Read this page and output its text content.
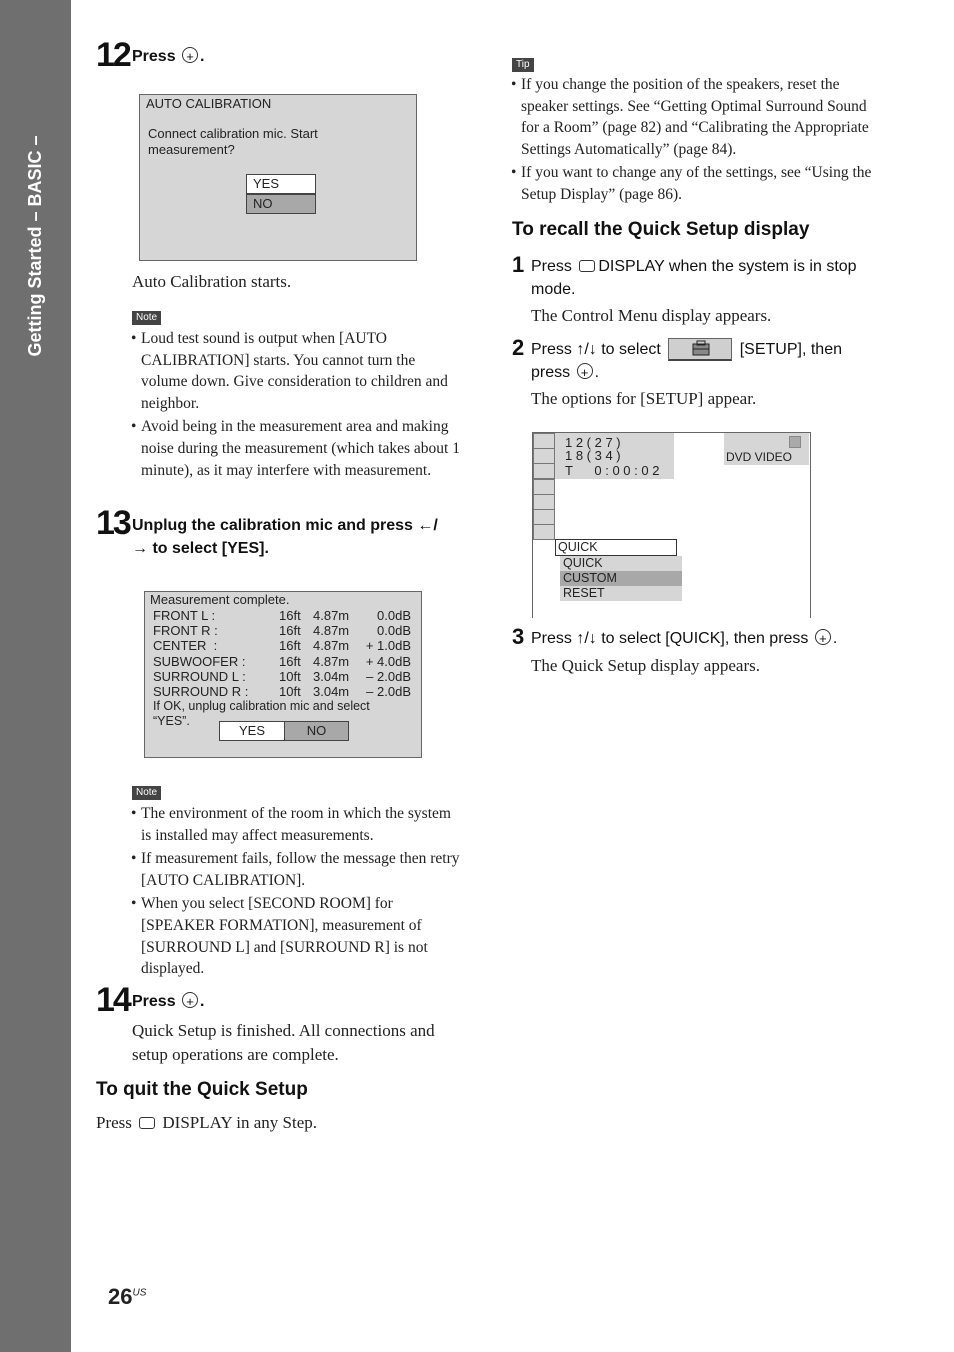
Getting Started – BASIC –
12 Press + .
AUTO CALIBRATION
Connect calibration mic. Start
measurement?
YES
NO
Auto Calibration starts.
Note
• Loud test sound is output when [AUTO CALIBRATION] starts. You cannot turn the volume down. Give consideration to children and neighbor.
• Avoid being in the measurement area and making noise during the measurement (which takes about 1 minute), as it may interfere with measurement.
13 Unplug the calibration mic and press ←/
→ to select [YES].
Measurement complete.
FRONT L :	16ft 4.87m	0.0dB
FRONT R :	16ft 4.87m	0.0dB
CENTER  :	16ft 4.87m	+ 1.0dB
SUBWOOFER :	16ft 4.87m	+ 4.0dB
SURROUND L :	10ft 3.04m	– 2.0dB
SURROUND R : 10ft 3.04m	– 2.0dB
If OK, unplug calibration mic and select
“YES”.
YES	NO
Note
• The environment of the room in which the system is installed may affect measurements.
• If measurement fails, follow the message then retry [AUTO CALIBRATION].
• When you select [SECOND ROOM] for [SPEAKER FORMATION], measurement of [SURROUND L] and [SURROUND R] is not displayed.
14 Press + .
Quick Setup is finished. All connections and setup operations are complete.
To quit the Quick Setup
Press DISPLAY in any Step.
Tip
• If you change the position of the speakers, reset the speaker settings. See “Getting Optimal Surround Sound for a Room” (page 82) and “Calibrating the Appropriate Settings Automatically” (page 84).
• If you want to change any of the settings, see “Using the Setup Display” (page 86).
To recall the Quick Setup display
1 Press DISPLAY when the system is in stop mode.
The Control Menu display appears.
2 Press ↑/↓ to select	[SETUP], then
press + .
The options for [SETUP] appear.
1 2 ( 2 7 )
1 8 ( 3 4 )
T      0 : 0 0 : 0 2
DVD VIDEO
QUICK
QUICK
CUSTOM
RESET
3 Press ↑/↓ to select [QUICK], then press + .
The Quick Setup display appears.
$26^{US}$
